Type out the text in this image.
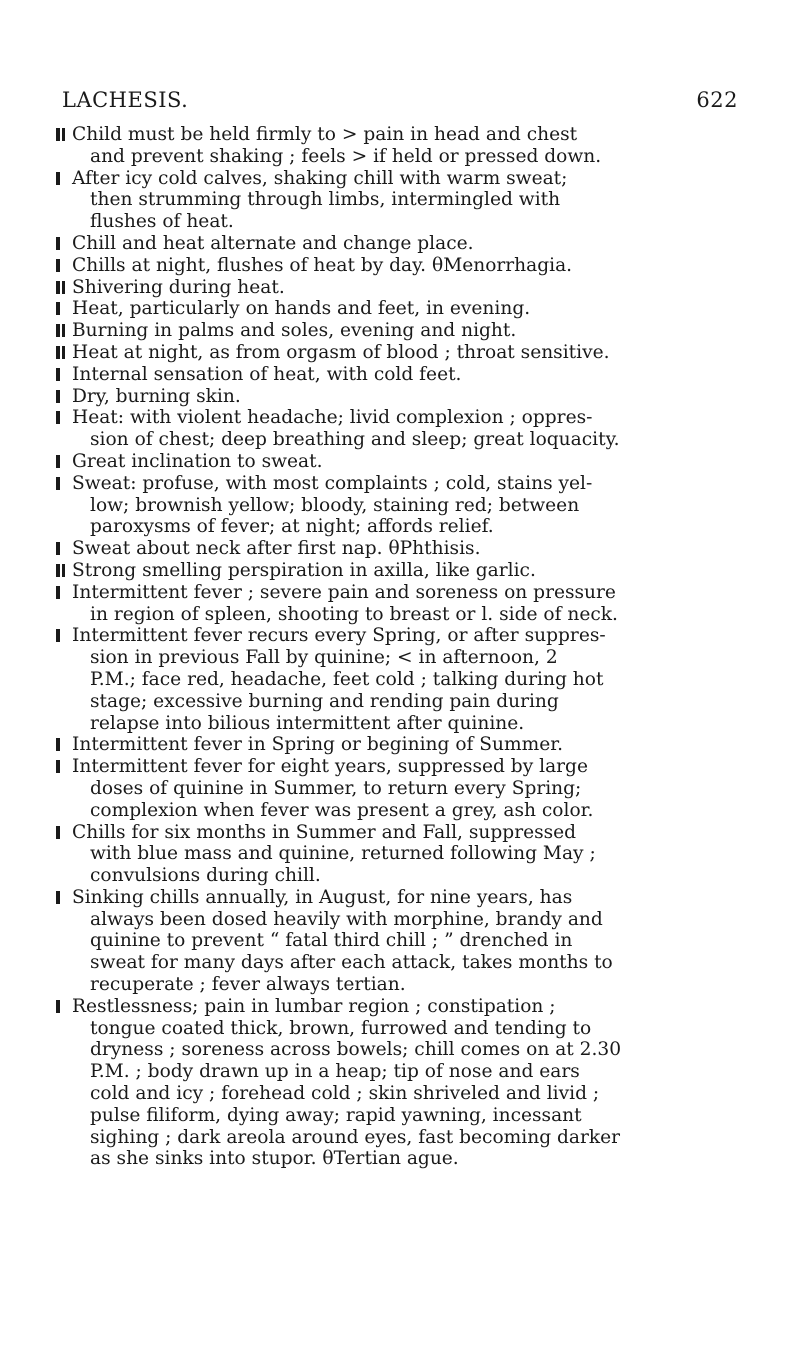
LACHESIS.	622
Child must be held firmly to > pain in head and chest
and prevent shaking ; feels > if held or pressed down.
After icy cold calves, shaking chill with warm sweat;
then strumming through limbs, intermingled with
flushes of heat.
Chill and heat alternate and change place.
Chills at night, flushes of heat by day. θMenorrhagia.
Shivering during heat.
Heat, particularly on hands and feet, in evening.
Burning in palms and soles, evening and night.
Heat at night, as from orgasm of blood ; throat sensitive.
Internal sensation of heat, with cold feet.
Dry, burning skin.
Heat: with violent headache; livid complexion ; oppres-
sion of chest; deep breathing and sleep; great loquacity.
Great inclination to sweat.
Sweat: profuse, with most complaints ; cold, stains yel-
low; brownish yellow; bloody, staining red; between
paroxysms of fever; at night; affords relief.
Sweat about neck after first nap. θPhthisis.
Strong smelling perspiration in axilla, like garlic.
Intermittent fever ; severe pain and soreness on pressure
in region of spleen, shooting to breast or l. side of neck.
Intermittent fever recurs every Spring, or after suppres-
sion in previous Fall by quinine; < in afternoon, 2
P.M.; face red, headache, feet cold ; talking during hot
stage; excessive burning and rending pain during
relapse into bilious intermittent after quinine.
Intermittent fever in Spring or begining of Summer.
Intermittent fever for eight years, suppressed by large
doses of quinine in Summer, to return every Spring;
complexion when fever was present a grey, ash color.
Chills for six months in Summer and Fall, suppressed
with blue mass and quinine, returned following May ;
convulsions during chill.
Sinking chills annually, in August, for nine years, has
always been dosed heavily with morphine, brandy and
quinine to prevent “ fatal third chill ; ” drenched in
sweat for many days after each attack, takes months to
recuperate ; fever always tertian.
Restlessness; pain in lumbar region ; constipation ;
tongue coated thick, brown, furrowed and tending to
dryness ; soreness across bowels; chill comes on at 2.30
P.M. ; body drawn up in a heap; tip of nose and ears
cold and icy ; forehead cold ; skin shriveled and livid ;
pulse filiform, dying away; rapid yawning, incessant
sighing ; dark areola around eyes, fast becoming darker
as she sinks into stupor. θTertian ague.
